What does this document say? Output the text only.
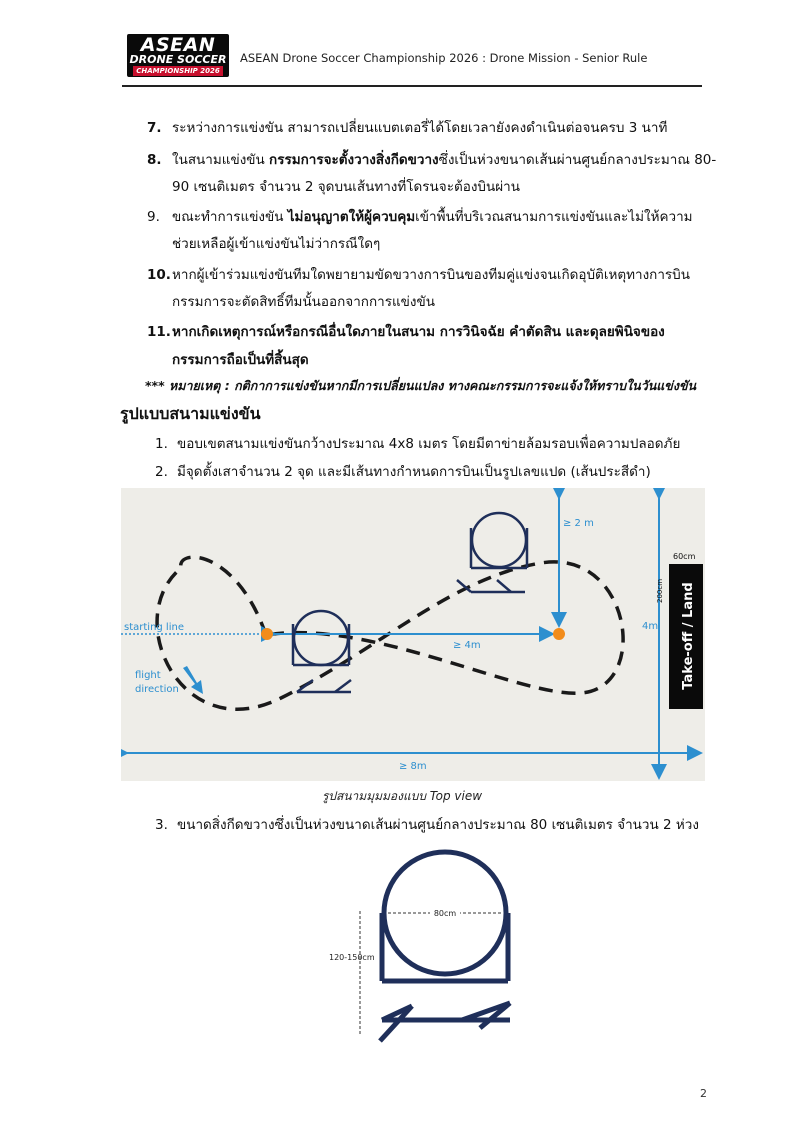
ASEAN
DRONE SOCCER
CHAMPIONSHIP 2026
ASEAN Drone Soccer Championship 2026 : Drone Mission - Senior Rule
7. ระหว่างการแข่งขัน สามารถเปลี่ยนแบตเตอรี่ได้โดยเวลายังคงดำเนินต่อจนครบ 3 นาที
8. ในสนามแข่งขัน กรรมการจะตั้งวางสิ่งกีดขวางซึ่งเป็นห่วงขนาดเส้นผ่านศูนย์กลางประมาณ 80-
90 เซนติเมตร จำนวน 2 จุดบนเส้นทางที่โดรนจะต้องบินผ่าน
9. ขณะทำการแข่งขัน ไม่อนุญาตให้ผู้ควบคุมเข้าพื้นที่บริเวณสนามการแข่งขันและไม่ให้ความ
ช่วยเหลือผู้เข้าแข่งขันไม่ว่ากรณีใดๆ
10. หากผู้เข้าร่วมแข่งขันทีมใดพยายามขัดขวางการบินของทีมคู่แข่งจนเกิดอุบัติเหตุทางการบิน
กรรมการจะตัดสิทธิ์ทีมนั้นออกจากการแข่งขัน
11. หากเกิดเหตุการณ์หรือกรณีอื่นใดภายในสนาม การวินิจฉัย คำตัดสิน และดุลยพินิจของ
กรรมการถือเป็นที่สิ้นสุด
*** หมายเหตุ : กติกาการแข่งขันหากมีการเปลี่ยนแปลง ทางคณะกรรมการจะแจ้งให้ทราบในวันแข่งขัน
รูปแบบสนามแข่งขัน
1. ขอบเขตสนามแข่งขันกว้างประมาณ 4x8 เมตร โดยมีตาข่ายล้อมรอบเพื่อความปลอดภัย
2. มีจุดตั้งเสาจำนวน 2 จุด และมีเส้นทางกำหนดการบินเป็นรูปเลขแปด (เส้นประสีดำ)
starting line
flight
direction
≥ 4m
≥ 2 m
4m
≥ 8m
Take-off / Land
60cm
200cm
รูปสนามมุมมองแบบ Top view
3. ขนาดสิ่งกีดขวางซึ่งเป็นห่วงขนาดเส้นผ่านศูนย์กลางประมาณ 80 เซนติเมตร จำนวน 2 ห่วง
80cm
120-150cm
2
